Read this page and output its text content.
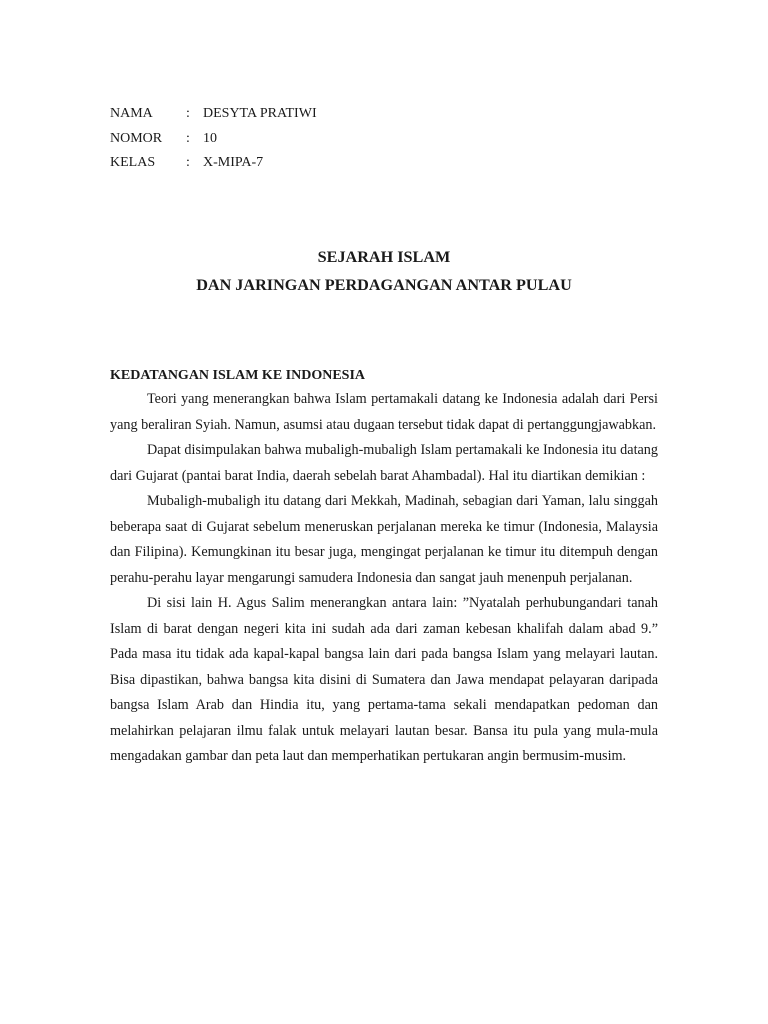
NAMA	: DESYTA PRATIWI
NOMOR	: 10
KELAS	: X-MIPA-7
SEJARAH ISLAM
DAN JARINGAN PERDAGANGAN ANTAR PULAU

KEDATANGAN ISLAM KE INDONESIA

Teori yang menerangkan bahwa Islam pertamakali datang ke Indonesia adalah dari Persi yang beraliran Syiah. Namun, asumsi atau dugaan tersebut tidak dapat di pertanggungjawabkan.

Dapat disimpulakan bahwa mubaligh-mubaligh Islam pertamakali ke Indonesia itu datang dari Gujarat (pantai barat India, daerah sebelah barat Ahambadal). Hal itu diartikan demikian :

Mubaligh-mubaligh itu datang dari Mekkah, Madinah, sebagian dari Yaman, lalu singgah beberapa saat di Gujarat sebelum meneruskan perjalanan mereka ke timur (Indonesia, Malaysia dan Filipina). Kemungkinan itu besar juga, mengingat perjalanan ke timur itu ditempuh dengan perahu-perahu layar mengarungi samudera Indonesia dan sangat jauh menenpuh perjalanan.

Di sisi lain H. Agus Salim menerangkan antara lain: ”Nyatalah perhubungandari tanah Islam di barat dengan negeri kita ini sudah ada dari zaman kebesan khalifah dalam abad 9.” Pada masa itu tidak ada kapal-kapal bangsa lain dari pada bangsa Islam yang melayari lautan. Bisa dipastikan, bahwa bangsa kita disini di Sumatera dan Jawa mendapat pelayaran daripada bangsa Islam Arab dan Hindia itu, yang pertama-tama sekali mendapatkan pedoman dan melahirkan pelajaran ilmu falak untuk melayari lautan besar. Bansa itu pula yang mula-mula mengadakan gambar dan peta laut dan memperhatikan pertukaran angin bermusim-musim.
